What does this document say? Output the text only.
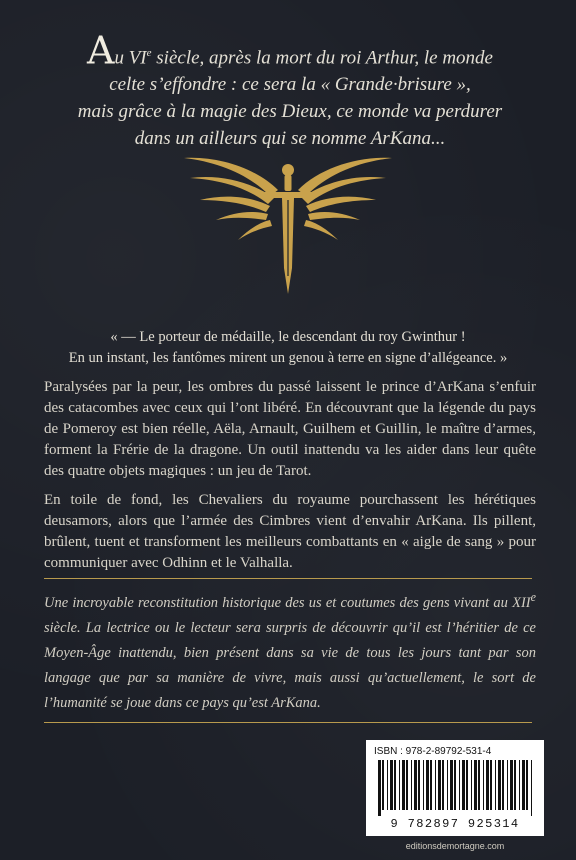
Au VIe siècle, après la mort du roi Arthur, le monde
celte s’effondre : ce sera la « Grande·brisure »,
mais grâce à la magie des Dieux, ce monde va perdurer
dans un ailleurs qui se nomme ArKana...
« — Le porteur de médaille, le descendant du roy Gwinthur !
En un instant, les fantômes mirent un genou à terre en signe d’allégeance. »

Paralysées par la peur, les ombres du passé laissent le prince d’ArKana s’enfuir des catacombes avec ceux qui l’ont libéré. En découvrant que la légende du pays de Pomeroy est bien réelle, Aëla, Arnault, Guilhem et Guillin, le maître d’armes, forment la Frérie de la dragone. Un outil inattendu va les aider dans leur quête des quatre objets magiques : un jeu de Tarot.

En toile de fond, les Chevaliers du royaume pourchassent les hérétiques deusamors, alors que l’armée des Cimbres vient d’envahir ArKana. Ils pillent, brûlent, tuent et transforment les meilleurs combattants en « aigle de sang » pour communiquer avec Odhinn et le Valhalla.

Une incroyable reconstitution historique des us et coutumes des gens vivant au XIIe siècle. La lectrice ou le lecteur sera surpris de découvrir qu’il est l’héritier de ce Moyen-Âge inattendu, bien présent dans sa vie de tous les jours tant par son langage que par sa manière de vivre, mais aussi qu’actuellement, le sort de l’humanité se joue dans ce pays qu’est ArKana.
ISBN : 978-2-89792-531-4
9 782897 925314
editionsdemortagne.com
